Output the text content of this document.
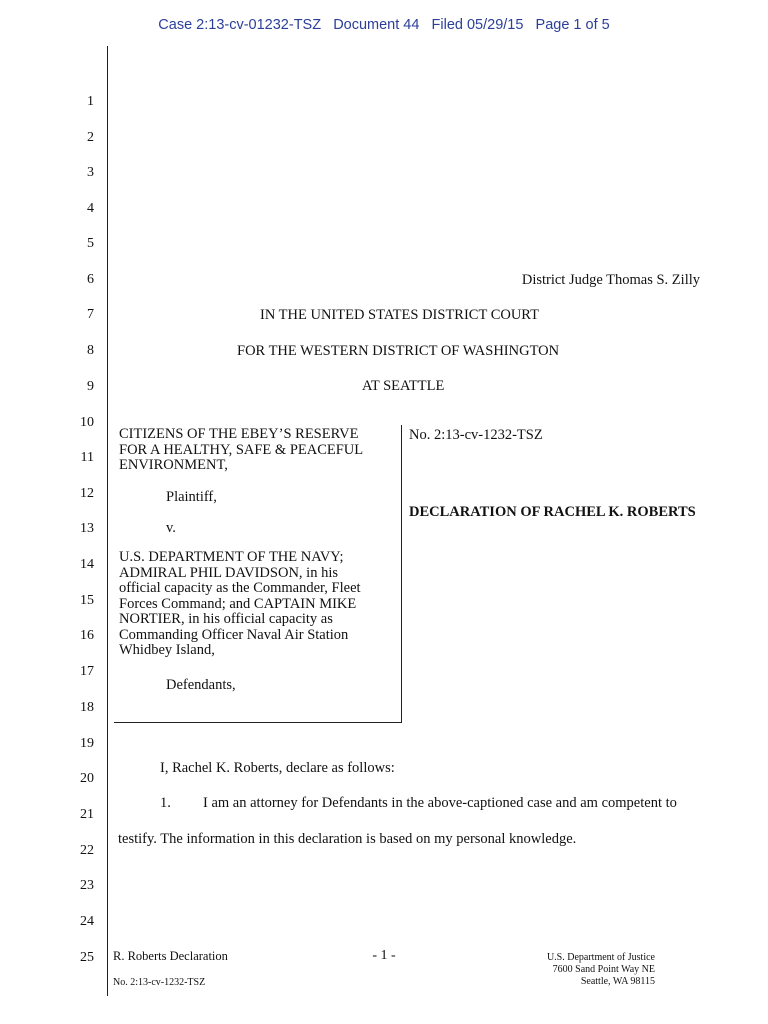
Case 2:13-cv-01232-TSZ Document 44 Filed 05/29/15 Page 1 of 5
1
2
3
4
5
6
7
8
9
10
11
12
13
14
15
16
17
18
19
20
21
22
23
24
25
District Judge Thomas S. Zilly
IN THE UNITED STATES DISTRICT COURT
FOR THE WESTERN DISTRICT OF WASHINGTON
AT SEATTLE
CITIZENS OF THE EBEY’S RESERVE
FOR A HEALTHY, SAFE & PEACEFUL
ENVIRONMENT,
Plaintiff,
v.
U.S. DEPARTMENT OF THE NAVY;
ADMIRAL PHIL DAVIDSON, in his
official capacity as the Commander, Fleet
Forces Command; and CAPTAIN MIKE
NORTIER, in his official capacity as
Commanding Officer Naval Air Station
Whidbey Island,
Defendants,
No. 2:13-cv-1232-TSZ
DECLARATION OF RACHEL K. ROBERTS
I, Rachel K. Roberts, declare as follows:
1. I am an attorney for Defendants in the above-captioned case and am competent to
testify. The information in this declaration is based on my personal knowledge.
R. Roberts Declaration
No. 2:13-cv-1232-TSZ
- 1 -	U.S. Department of Justice
7600 Sand Point Way NE
Seattle, WA 98115
